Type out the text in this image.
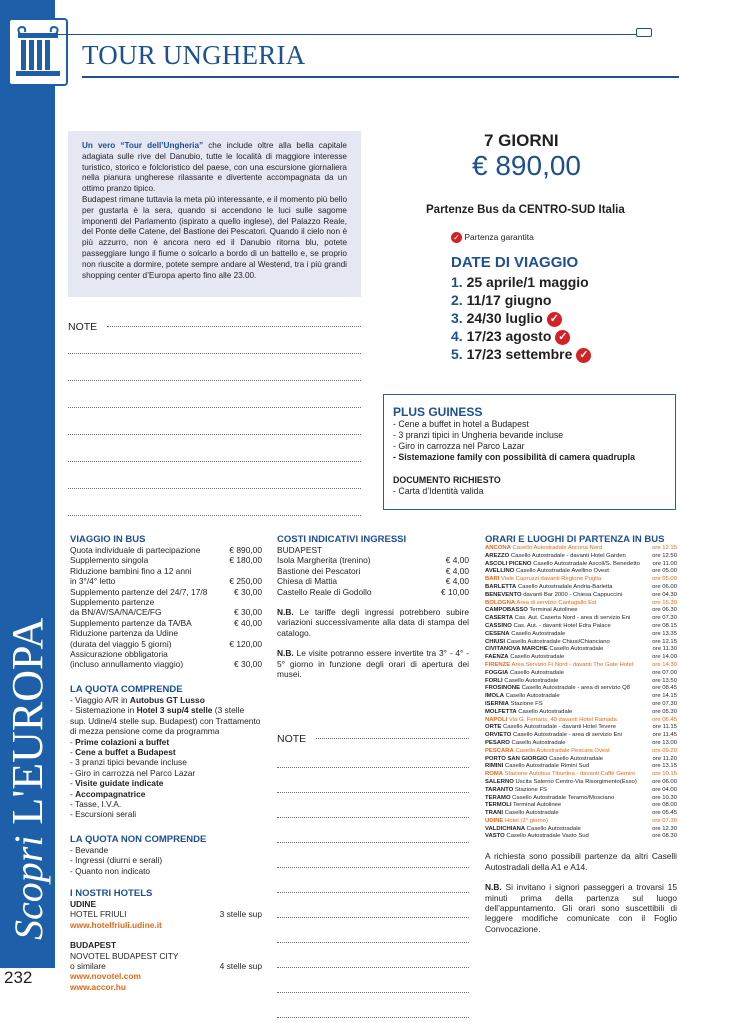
Scopri L'EUROPA
232
TOUR UNGHERIA

Un vero “Tour dell’Ungheria” che include oltre alla bella capitale adagiata sulle rive del Danubio, tutte le località di maggiore interesse turistico, storico e folcloristico del paese, con una escursione giornaliera nella pianura ungherese rilassante e divertente accompagnata da un ottimo pranzo tipico.

Budapest rimane tuttavia la meta più interessante, e il momento più bello per gustarla è la sera, quando si accendono le luci sulle sagome imponenti del Parlamento (ispirato a quello inglese), del Palazzo Reale, del Ponte delle Catene, del Bastione dei Pescatori. Quando il cielo non è più azzurro, non è ancora nero ed il Danubio ritorna blu, potete passeggiare lungo il fiume o solcarlo a bordo di un battello e, se proprio non riuscite a dormire, potete sempre andare al Westend, tra i più grandi shopping center d’Europa aperto fino alle 23.00.

NOTE
7 GIORNI
€ 890,00
Partenze Bus da CENTRO-SUD Italia
✓ Partenza garantita
DATE DI VIAGGIO
1. 25 aprile/1 maggio
2. 11/17 giugno
3. 24/30 luglio ✓
4. 17/23 agosto ✓
5. 17/23 settembre ✓
PLUS GUINESS
- Cene a buffet in hotel a Budapest
- 3 pranzi tipici in Ungheria bevande incluse
- Giro in carrozza nel Parco Lazar
- Sistemazione family con possibilità di camera quadrupla
DOCUMENTO RICHIESTO
- Carta d’Identità valida
VIAGGIO IN BUS
Quota individuale di partecipazione	€ 890,00
Supplemento singola	€ 180,00
Riduzione bambini fino a 12 anni
in 3°/4° letto	€ 250,00
Supplemento partenze del 24/7, 17/8	€ 30,00
Supplemento partenze
da BN/AV/SA/NA/CE/FG	€ 30,00
Supplemento partenze da TA/BA	€ 40,00
Riduzione partenza da Udine
(durata del viaggio 5 giorni)	€ 120,00
Assicurazione obbligatoria
(incluso annullamento viaggio)	€ 30,00
LA QUOTA COMPRENDE
- Viaggio A/R in Autobus GT Lusso
- Sistemazione in Hotel 3 sup/4 stelle (3 stelle sup. Udine/4 stelle sup. Budapest) con Trattamento di mezza pensione come da programma
- Prime colazioni a buffet
- Cene a buffet a Budapest
- 3 pranzi tipici bevande incluse
- Giro in carrozza nel Parco Lazar
- Visite guidate indicate
- Accompagnatrice
- Tasse, I.V.A.
- Escursioni serali
LA QUOTA NON COMPRENDE
- Bevande
- Ingressi (diurni e serali)
- Quanto non indicato
I NOSTRI HOTELS
UDINE
HOTEL FRIULI	3 stelle sup
www.hotelfriuli.udine.it
BUDAPEST
NOVOTEL BUDAPEST CITY
o similare	4 stelle sup
www.novotel.com
www.accor.hu
COSTI INDICATIVI INGRESSI
BUDAPEST
Isola Margherita (trenino)	€ 4,00
Bastione dei Pescatori	€ 4,00
Chiesa di Mattia	€ 4,00
Castello Reale di Godollo	€ 10,00

N.B. Le tariffe degli ingressi potrebbero subire variazioni successivamente alla data di stampa del catalogo.

N.B. Le visite potranno essere invertite tra 3° - 4° - 5° giorno in funzione degli orari di apertura dei musei.

NOTE
ORARI E LUOGHI DI PARTENZA IN BUS
ANCONA Casello Autostradale Ancona Nord	ore 12.15
AREZZO Casello Autostradale - davanti Hotel Garden	ore 12.50
ASCOLI PICENO Casello Autostradale Ascoli/S. Benedetto ore 11.00
AVELLINO Casello Autostradale Avellino Ovest	ore 05.00
BARI Viale Capruzzi davanti Regione Puglia	ore 05.00
BARLETTA Casello Autostradale Andria-Barletta	ore 06.00
BENEVENTO davanti Bar 2000 - Chiesa Cappuccini	ore 04.30
BOLOGNA Area di servizio Cantagallo Est	ore 15.30
CAMPOBASSO Terminal Autolinee	ore 06.30
CASERTA Cas. Aut. Caserta Nord - area di servizio Eni	ore 07.30
CASSINO Cas. Aut. - davanti Hotel Edra Palace	ore 08.15
CESENA Casello Autostradale	ore 13.35
CHIUSI Casello Autostradale Chiusi/Chianciano	ore 12.15
CIVITANOVA MARCHE Casello Autostradale	ore 11.30
FAENZA Casello Autostradale	ore 14.00
FIRENZE Area Servizio Fi Nord - davanti The Gate Hotel	ore 14.30
FOGGIA Casello Autostradale	ore 07.00
FORLÌ Casello Autostradale	ore 13.50
FROSINONE Casello Autostradale - area di servizio Q8	ore 08.45
IMOLA Casello Autostradale	ore 14.15
ISERNIA Stazione FS	ore 07.30
MOLFETTA Casello Autostradale	ore 05.30
NAPOLI Via G. Ferraris, 40 davanti Hotel Ramada	ore 06.45
ORTE Casello Autostradale - davanti Hotel Tevere	ore 11.15
ORVIETO Casello Autostradale - area di servizio Eni	ore 11.45
PESARO Casello Autostradale	ore 13.00
PESCARA Casello Autostradale Pescara Ovest	ore 09.20
PORTO SAN GIORGIO Casello Autostradale	ore 11.20
RIMINI Casello Autostradale Rimini Sud	ore 13.15
ROMA Stazione Autobus Tiburtina - davanti Caffè Gemini	ore 10.15
SALERNO Uscita Salerno Centro-Via Risorgimento(Esso)	ore 06.00
TARANTO Stazione FS	ore 04.00
TERAMO Casello Autostradale Teramo/Mosciano	ore 10.30
TERMOLI Terminal Autolinee	ore 08.00
TRANI Casello Autostradale	ore 05.45
UDINE Hotel (2° giorno)	ore 07.30
VALDICHIANA Casello Autostradale	ore 12.30
VASTO Casello Autostradale Vasto Sud	ore 08.30

A richiesta sono possibili partenze da altri Caselli Autostradali della A1 e A14.

N.B. Si invitano i signori passeggeri a trovarsi 15 minuti prima della partenza sul luogo dell’appuntamento. Gli orari sono suscettibili di leggere modifiche comunicate con il Foglio Convocazione.
